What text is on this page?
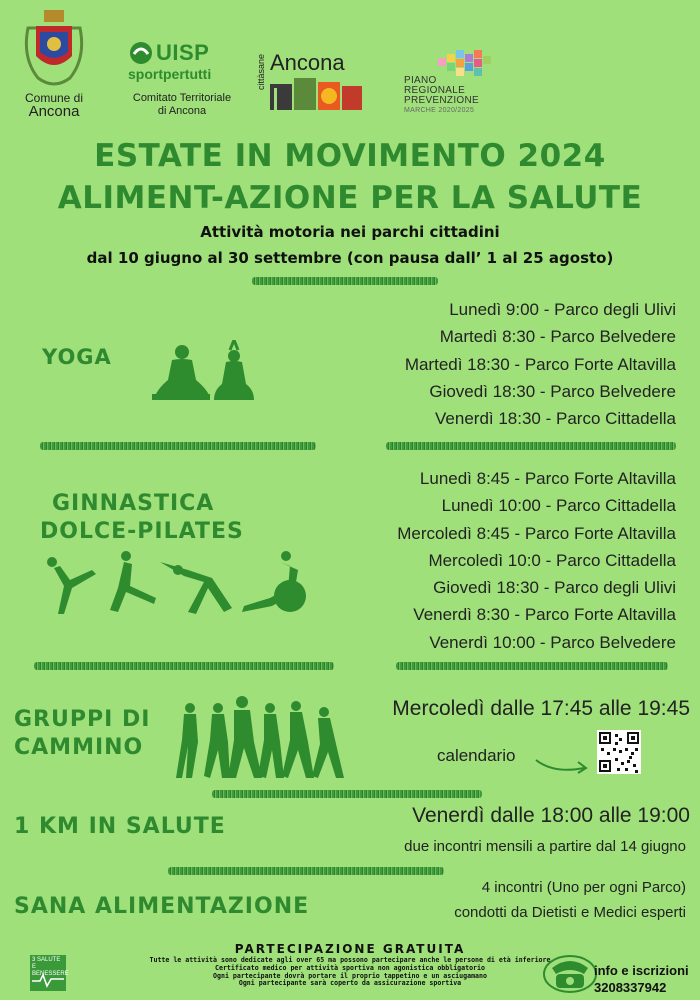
Comune di
Ancona
UISP
sportpertutti
Comitato Territoriale
di Ancona
cittàsane Ancona
PIANO
REGIONALE
PREVENZIONE
MARCHE 2020/2025
ESTATE IN MOVIMENTO 2024
ALIMENT-AZIONE PER LA SALUTE
Attività motoria nei parchi cittadini
dal 10 giugno al 30 settembre (con pausa dall’ 1 al 25 agosto)
YOGA
Lunedì 9:00 - Parco degli Ulivi
Martedì 8:30 - Parco Belvedere
Martedì 18:30 - Parco Forte Altavilla
Giovedì 18:30 - Parco Belvedere
Venerdì 18:30 - Parco Cittadella
GINNASTICA
DOLCE-PILATES
Lunedì 8:45 - Parco Forte Altavilla
Lunedì 10:00 - Parco Cittadella
Mercoledì 8:45 - Parco Forte Altavilla
Mercoledì 10:0 - Parco Cittadella
Giovedì 18:30 - Parco degli Ulivi
Venerdì 8:30 - Parco Forte Altavilla
Venerdì 10:00 - Parco Belvedere
GRUPPI DI
CAMMINO
Mercoledì dalle 17:45 alle 19:45
calendario
1 KM IN SALUTE	Venerdì dalle 18:00 alle 19:00
due incontri mensili a partire dal 14 giugno
SANA ALIMENTAZIONE
4 incontri (Uno per ogni Parco)
condotti da Dietisti e Medici esperti
PARTECIPAZIONE GRATUITA
Tutte le attività sono dedicate agli over 65 ma possono partecipare anche le persone di età inferiore
Certificato medico per attività sportiva non agonistica obbligatorio
Ogni partecipante dovrà portare il proprio tappetino e un asciugamano
Ogni partecipante sarà coperto da assicurazione sportiva
3 SALUTE E BENESSERE	info e iscrizioni
3208337942
